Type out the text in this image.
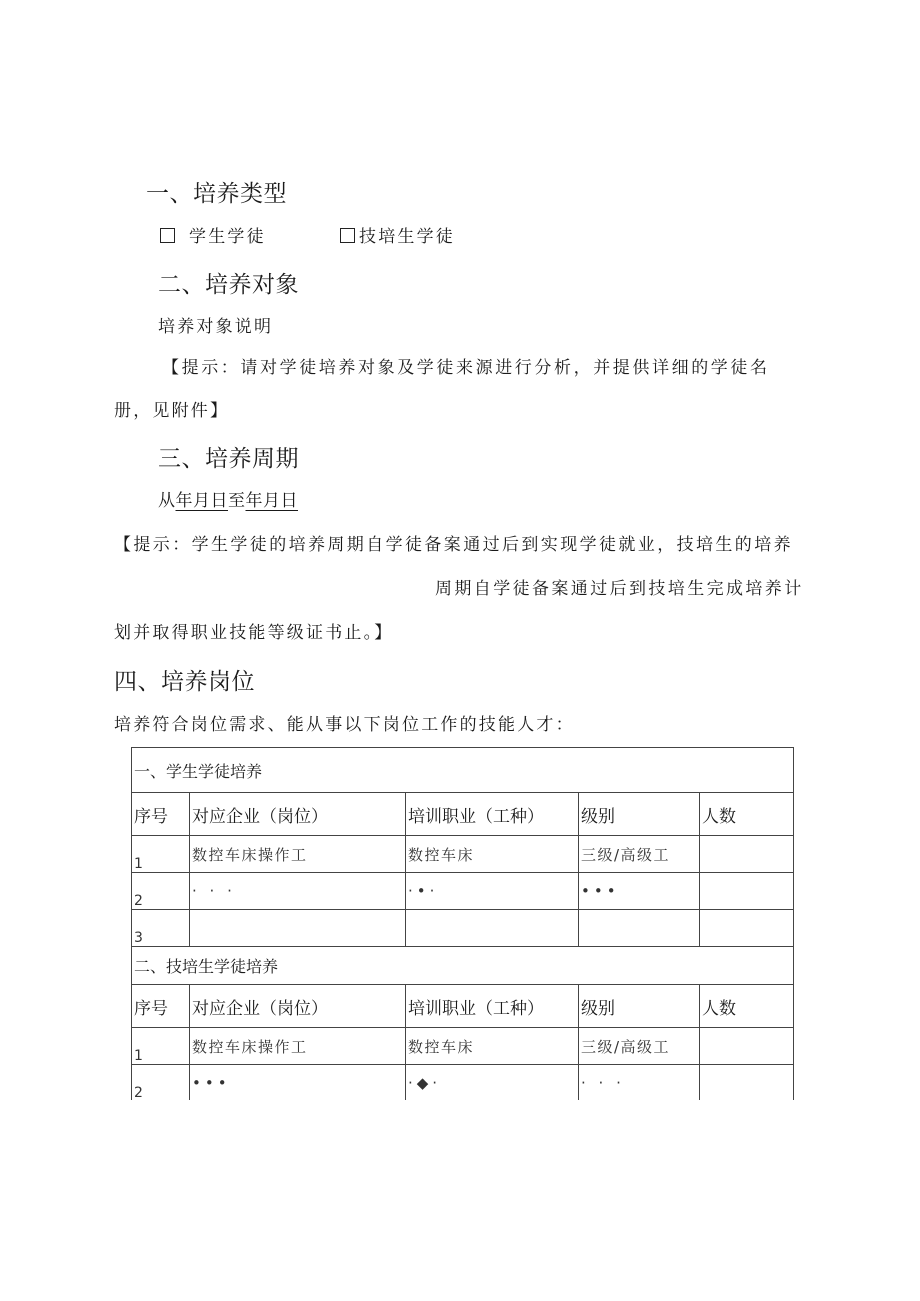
一、培养类型
学生学徒	技培生学徒
二、培养对象
培养对象说明
【提示：请对学徒培养对象及学徒来源进行分析，并提供详细的学徒名
册，见附件】
三、培养周期
从年月日至年月日
【提示：学生学徒的培养周期自学徒备案通过后到实现学徒就业，技培生的培养
周期自学徒备案通过后到技培生完成培养计
划并取得职业技能等级证书止。】
四、培养岗位
培养符合岗位需求、能从事以下岗位工作的技能人才：
一、学生学徒培养				
序号	对应企业（岗位）	培训职业（工种）	级别	人数
1	数控车床操作工	数控车床	三级/高级工	
2	· · ·	·•·	•••	
3				
二、技培生学徒培养				
序号	对应企业（岗位）	培训职业（工种）	级别	人数
1	数控车床操作工	数控车床	三级/高级工	
2	•••	·◆·	· · ·	
